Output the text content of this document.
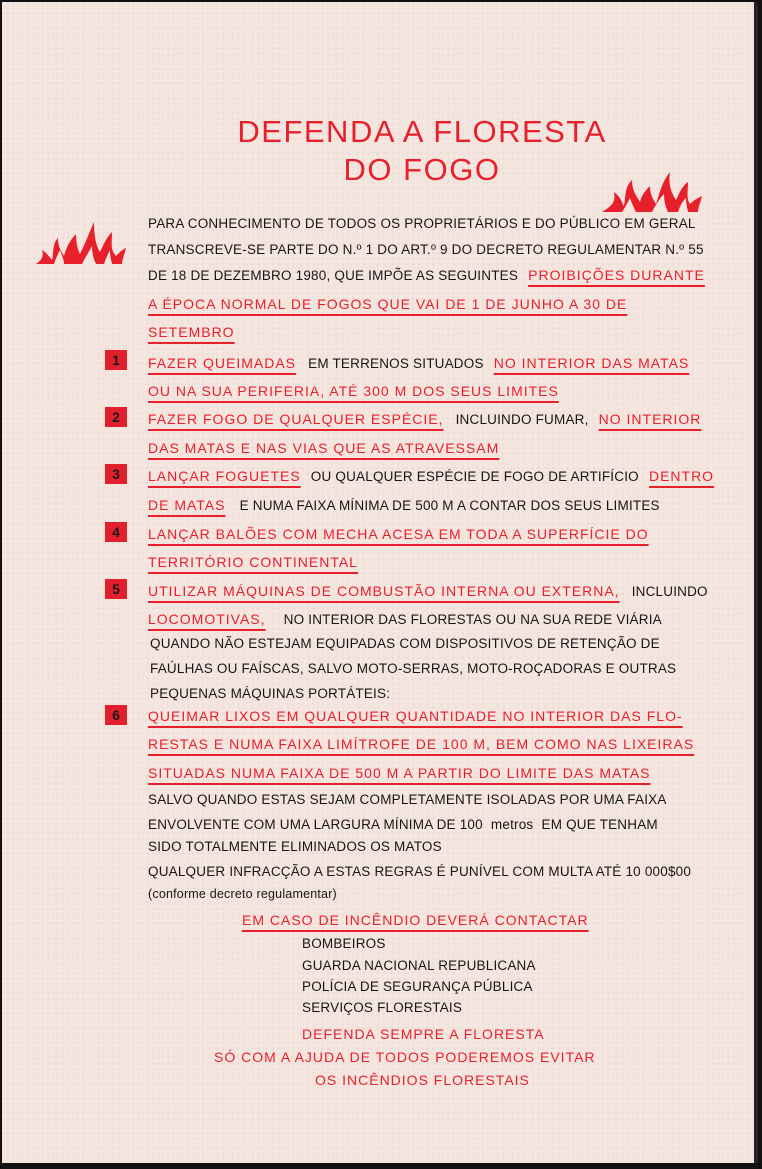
DEFENDA A FLORESTA
DO FOGO
PARA CONHECIMENTO DE TODOS OS PROPRIETÁRIOS E DO PÚBLICO EM GERAL
TRANSCREVE-SE PARTE DO N.º 1 DO ART.º 9 DO DECRETO REGULAMENTAR N.º 55
DE 18 DE DEZEMBRO 1980, QUE IMPÕE AS SEGUINTES PROIBIÇÕES DURANTE
A ÉPOCA NORMAL DE FOGOS QUE VAI DE 1 DE JUNHO A 30 DE
SETEMBRO
1	FAZER QUEIMADAS EM TERRENOS SITUADOS NO INTERIOR DAS MATAS
OU NA SUA PERIFERIA, ATÉ 300 M DOS SEUS LIMITES
2	FAZER FOGO DE QUALQUER ESPÉCIE, INCLUINDO FUMAR, NO INTERIOR
DAS MATAS E NAS VIAS QUE AS ATRAVESSAM
3	LANÇAR FOGUETES OU QUALQUER ESPÉCIE DE FOGO DE ARTIFÍCIO DENTRO
DE MATAS E NUMA FAIXA MÍNIMA DE 500 M A CONTAR DOS SEUS LIMITES
4	LANÇAR BALÕES COM MECHA ACESA EM TODA A SUPERFÍCIE DO
TERRITÓRIO CONTINENTAL
5	UTILIZAR MÁQUINAS DE COMBUSTÃO INTERNA OU EXTERNA, INCLUINDO
LOCOMOTIVAS, NO INTERIOR DAS FLORESTAS OU NA SUA REDE VIÁRIA
QUANDO NÃO ESTEJAM EQUIPADAS COM DISPOSITIVOS DE RETENÇÃO DE
FAÚLHAS OU FAÍSCAS, SALVO MOTO-SERRAS, MOTO-ROÇADORAS E OUTRAS
PEQUENAS MÁQUINAS PORTÁTEIS:
6	QUEIMAR LIXOS EM QUALQUER QUANTIDADE NO INTERIOR DAS FLO-
RESTAS E NUMA FAIXA LIMÍTROFE DE 100 M, BEM COMO NAS LIXEIRAS
SITUADAS NUMA FAIXA DE 500 M A PARTIR DO LIMITE DAS MATAS
SALVO QUANDO ESTAS SEJAM COMPLETAMENTE ISOLADAS POR UMA FAIXA
ENVOLVENTE COM UMA LARGURA MÍNIMA DE 100 metros EM QUE TENHAM
SIDO TOTALMENTE ELIMINADOS OS MATOS
QUALQUER INFRACÇÃO A ESTAS REGRAS É PUNÍVEL COM MULTA ATÉ 10 000$00
(conforme decreto regulamentar)
EM CASO DE INCÊNDIO DEVERÁ CONTACTAR
BOMBEIROS
GUARDA NACIONAL REPUBLICANA
POLÍCIA DE SEGURANÇA PÚBLICA
SERVIÇOS FLORESTAIS
DEFENDA SEMPRE A FLORESTA
SÓ COM A AJUDA DE TODOS PODEREMOS EVITAR
OS INCÊNDIOS FLORESTAIS
